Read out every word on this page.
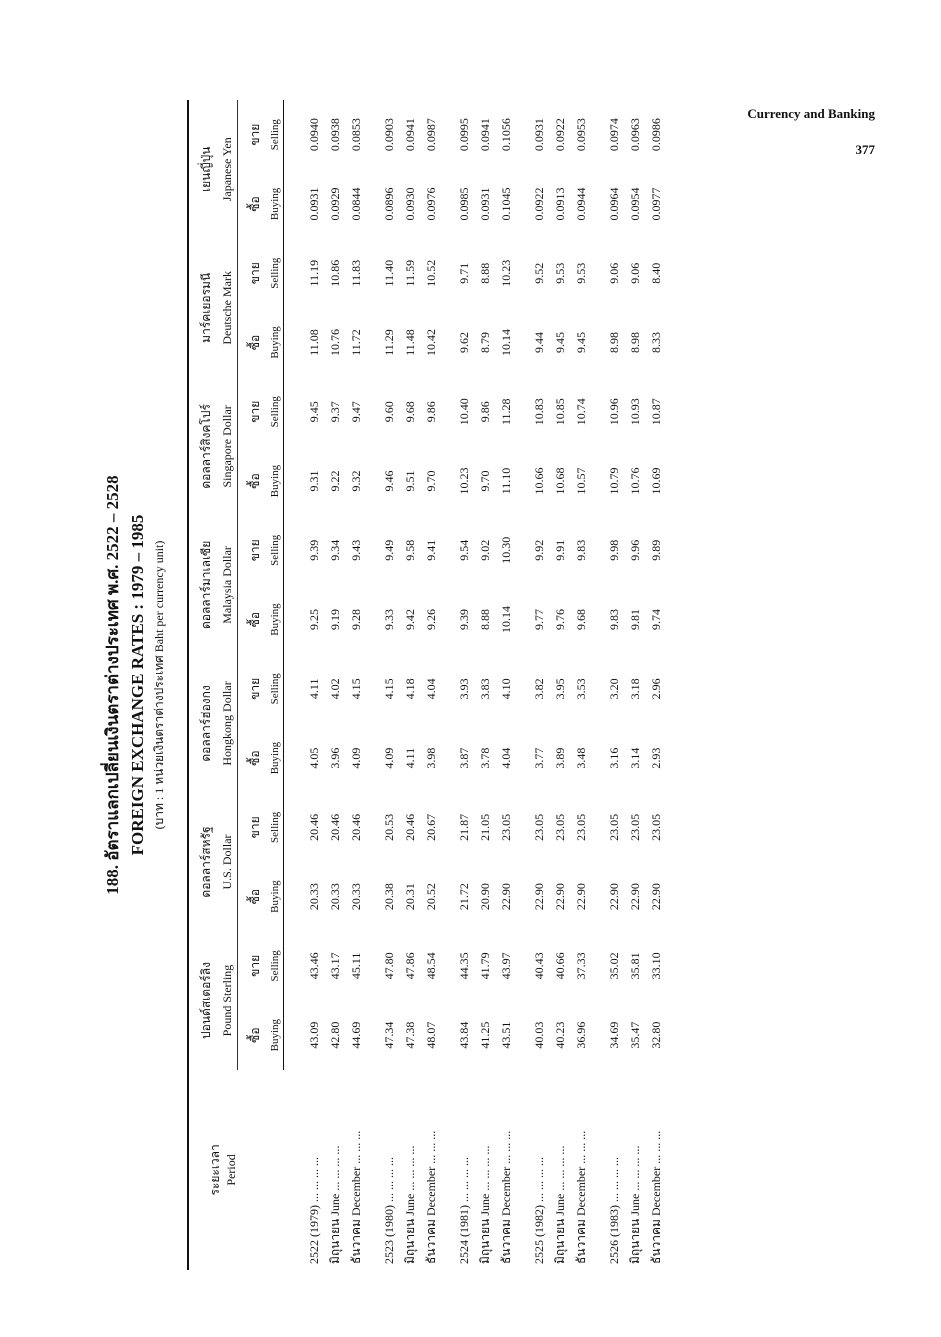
Currency and Banking
377
188. อัตราแลกเปลี่ยนเงินตราต่างประเทศ พ.ศ. 2522 – 2528 FOREIGN EXCHANGE RATES : 1979 – 1985 (บาท : 1 หน่วยเงินตราต่างประเทศ Baht per currency unit)
ระยะเวลา Period	ปอนด์สเตอร์ลิง		ดอลลาร์สหรัฐ		ดอลลาร์ฮ่องกง		ดอลลาร์มาเลเซีย		ดอลลาร์สิงคโปร์		มาร์คเยอรมนี		เยนญี่ปุ่น	
	Pound Sterling		U.S. Dollar		Hongkong Dollar		Malaysia Dollar		Singapore Dollar		Deutsche Mark		Japanese Yen	
	ซื้อ	ขาย	ซื้อ	ขาย	ซื้อ	ขาย	ซื้อ	ขาย	ซื้อ	ขาย	ซื้อ	ขาย	ซื้อ	ขาย
	Buying	Selling	Buying	Selling	Buying	Selling	Buying	Selling	Buying	Selling	Buying	Selling	Buying	Selling

2522 (1979) ... ... ... ...	43.09	43.46	20.33	20.46	4.05	4.11	9.25	9.39	9.31	9.45	11.08	11.19	0.0931	0.0940
มิถุนายน June ... ... ... ...	42.80	43.17	20.33	20.46	3.96	4.02	9.19	9.34	9.22	9.37	10.76	10.86	0.0929	0.0938
ธันวาคม December ... ... ...	44.69	45.11	20.33	20.46	4.09	4.15	9.28	9.43	9.32	9.47	11.72	11.83	0.0844	0.0853

2523 (1980) ... ... ... ...	47.34	47.80	20.38	20.53	4.09	4.15	9.33	9.49	9.46	9.60	11.29	11.40	0.0896	0.0903
มิถุนายน June ... ... ... ...	47.38	47.86	20.31	20.46	4.11	4.18	9.42	9.58	9.51	9.68	11.48	11.59	0.0930	0.0941
ธันวาคม December ... ... ...	48.07	48.54	20.52	20.67	3.98	4.04	9.26	9.41	9.70	9.86	10.42	10.52	0.0976	0.0987

2524 (1981) ... ... ... ...	43.84	44.35	21.72	21.87	3.87	3.93	9.39	9.54	10.23	10.40	9.62	9.71	0.0985	0.0995
มิถุนายน June ... ... ... ...	41.25	41.79	20.90	21.05	3.78	3.83	8.88	9.02	9.70	9.86	8.79	8.88	0.0931	0.0941
ธันวาคม December ... ... ...	43.51	43.97	22.90	23.05	4.04	4.10	10.14	10.30	11.10	11.28	10.14	10.23	0.1045	0.1056

2525 (1982) ... ... ... ...	40.03	40.43	22.90	23.05	3.77	3.82	9.77	9.92	10.66	10.83	9.44	9.52	0.0922	0.0931
มิถุนายน June ... ... ... ...	40.23	40.66	22.90	23.05	3.89	3.95	9.76	9.91	10.68	10.85	9.45	9.53	0.0913	0.0922
ธันวาคม December ... ... ...	36.96	37.33	22.90	23.05	3.48	3.53	9.68	9.83	10.57	10.74	9.45	9.53	0.0944	0.0953

2526 (1983) ... ... ... ...	34.69	35.02	22.90	23.05	3.16	3.20	9.83	9.98	10.79	10.96	8.98	9.06	0.0964	0.0974
มิถุนายน June ... ... ... ...	35.47	35.81	22.90	23.05	3.14	3.18	9.81	9.96	10.76	10.93	8.98	9.06	0.0954	0.0963
ธันวาคม December ... ... ...	32.80	33.10	22.90	23.05	2.93	2.96	9.74	9.89	10.69	10.87	8.33	8.40	0.0977	0.0986
